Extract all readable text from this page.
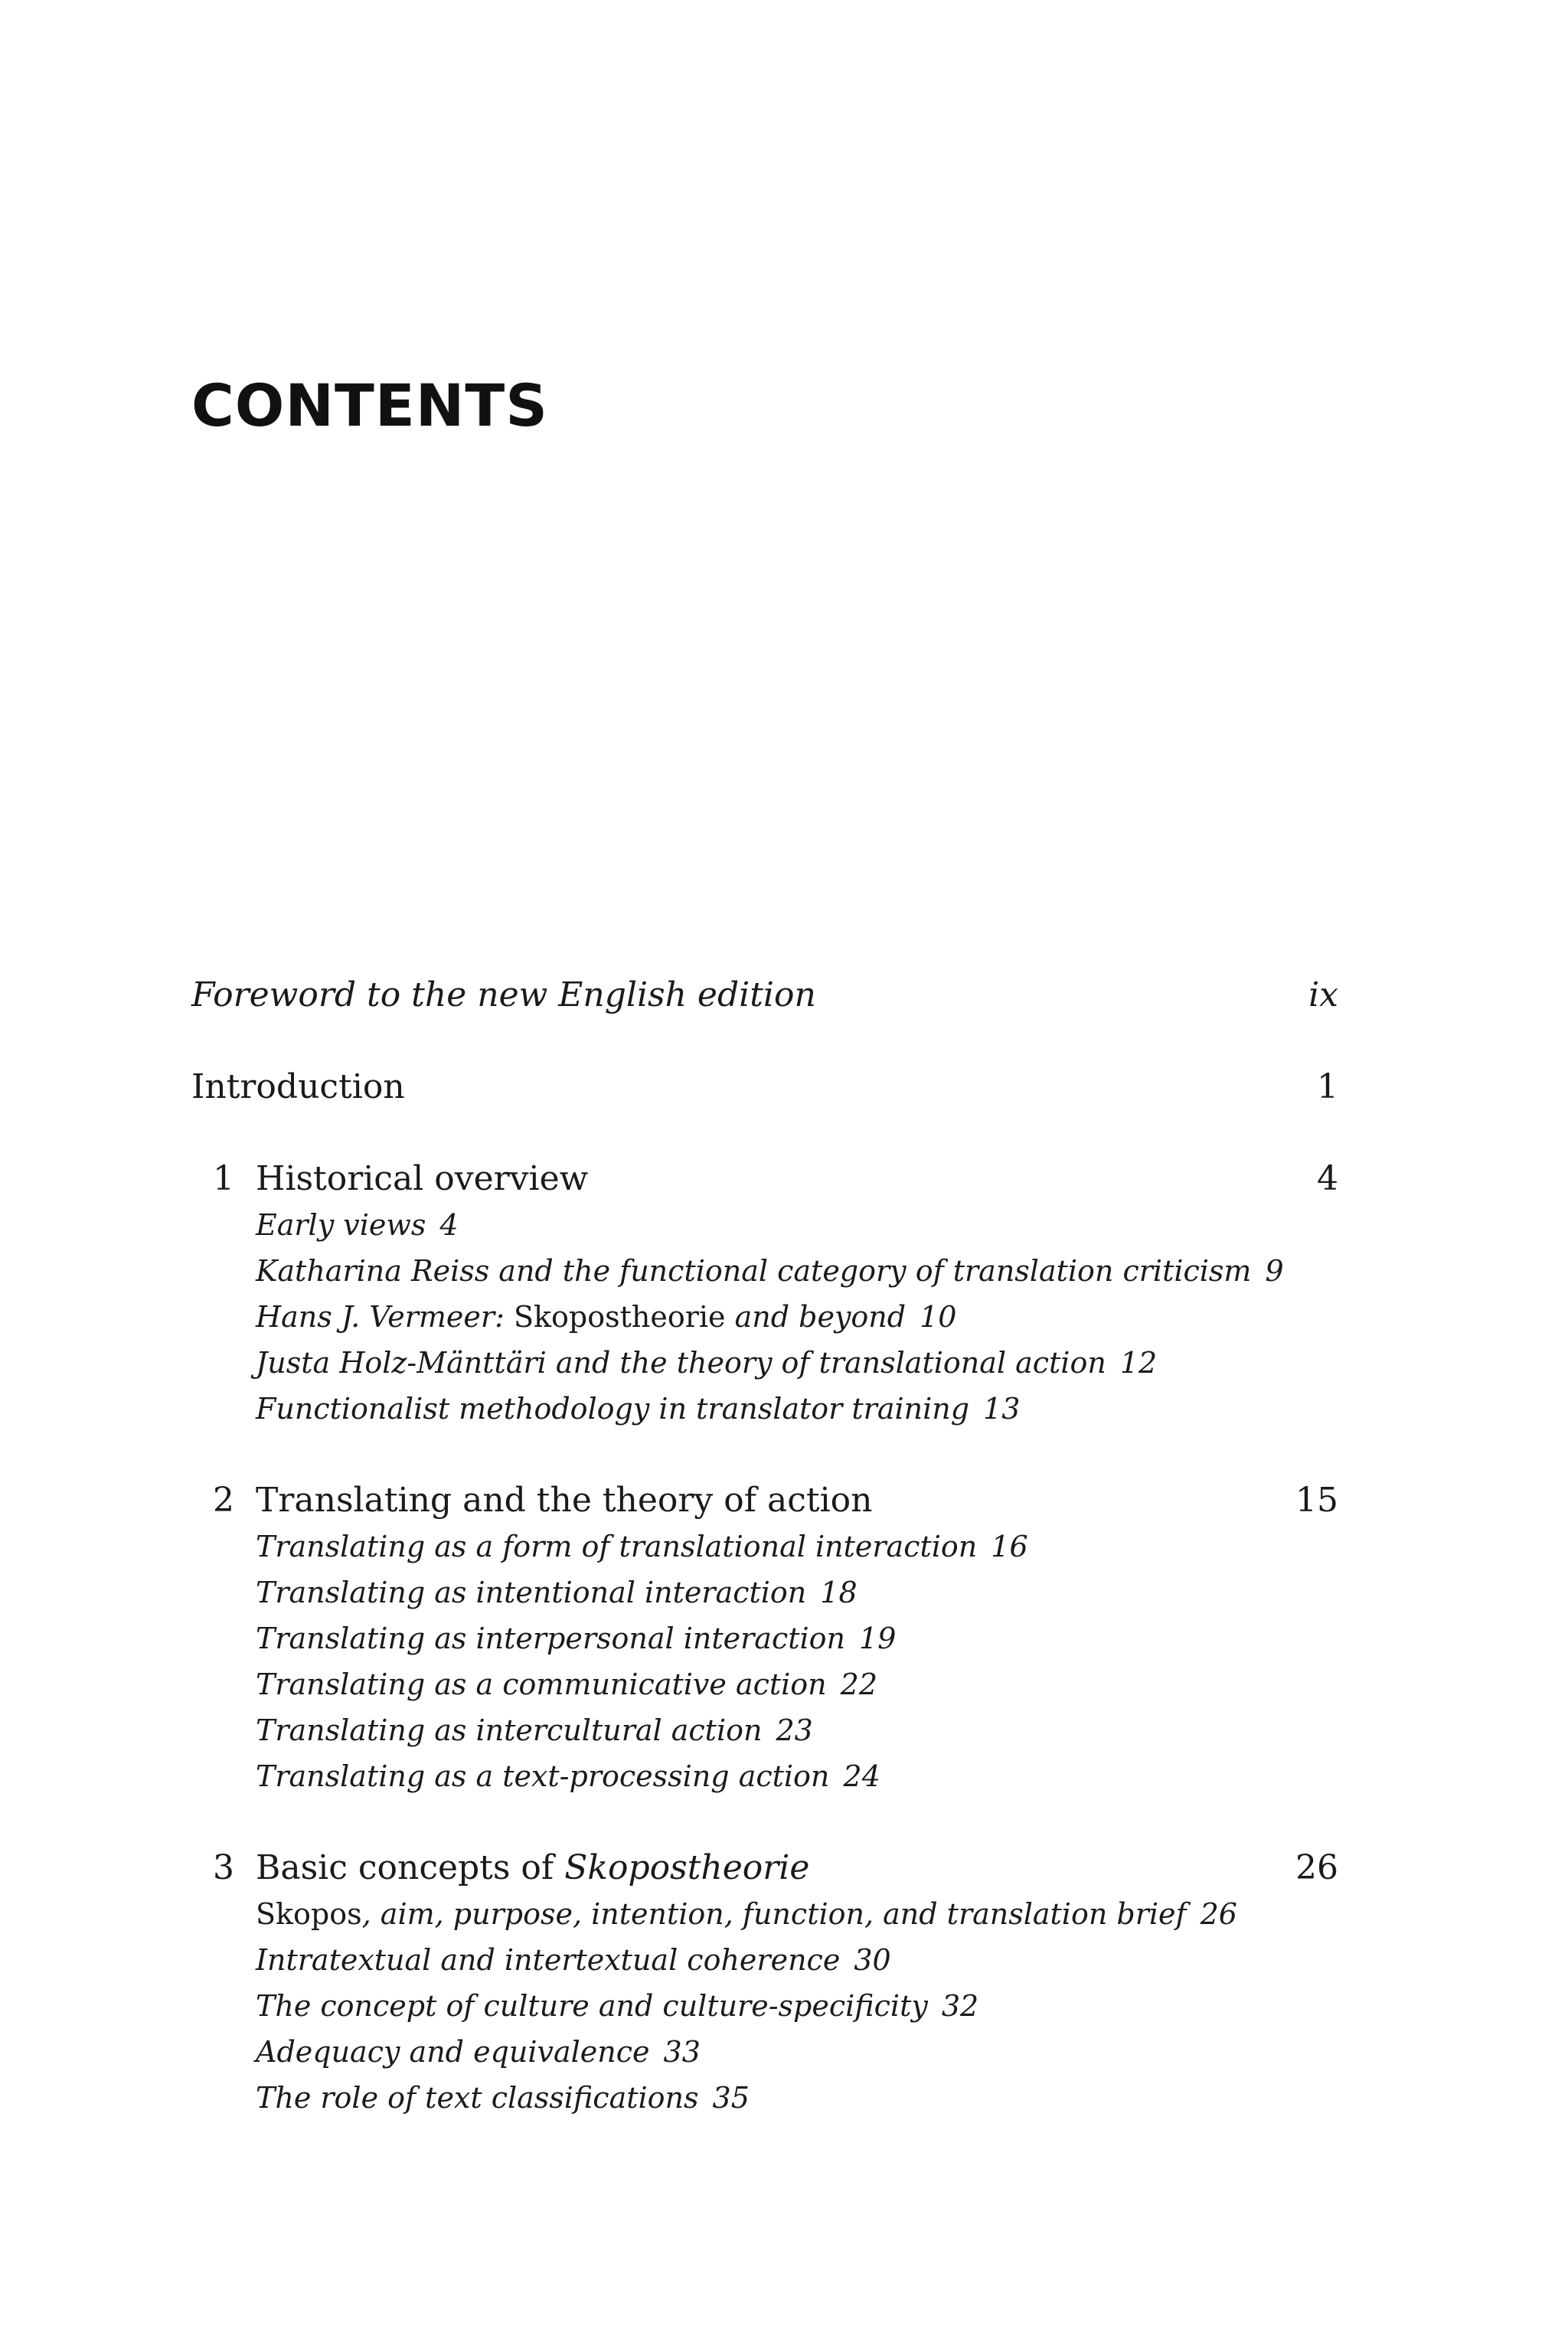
CONTENTS
Foreword to the new English edition	ix
Introduction	1
1 Historical overview	4
Early views 4
Katharina Reiss and the functional category of translation criticism 9
Hans J. Vermeer: Skopostheorie and beyond 10
Justa Holz-Mänttäri and the theory of translational action 12
Functionalist methodology in translator training 13
2 Translating and the theory of action	15
Translating as a form of translational interaction 16
Translating as intentional interaction 18
Translating as interpersonal interaction 19
Translating as a communicative action 22
Translating as intercultural action 23
Translating as a text-processing action 24
3 Basic concepts of Skopostheorie	26
Skopos, aim, purpose, intention, function, and translation brief 26
Intratextual and intertextual coherence 30
The concept of culture and culture-specificity 32
Adequacy and equivalence 33
The role of text classifications 35
